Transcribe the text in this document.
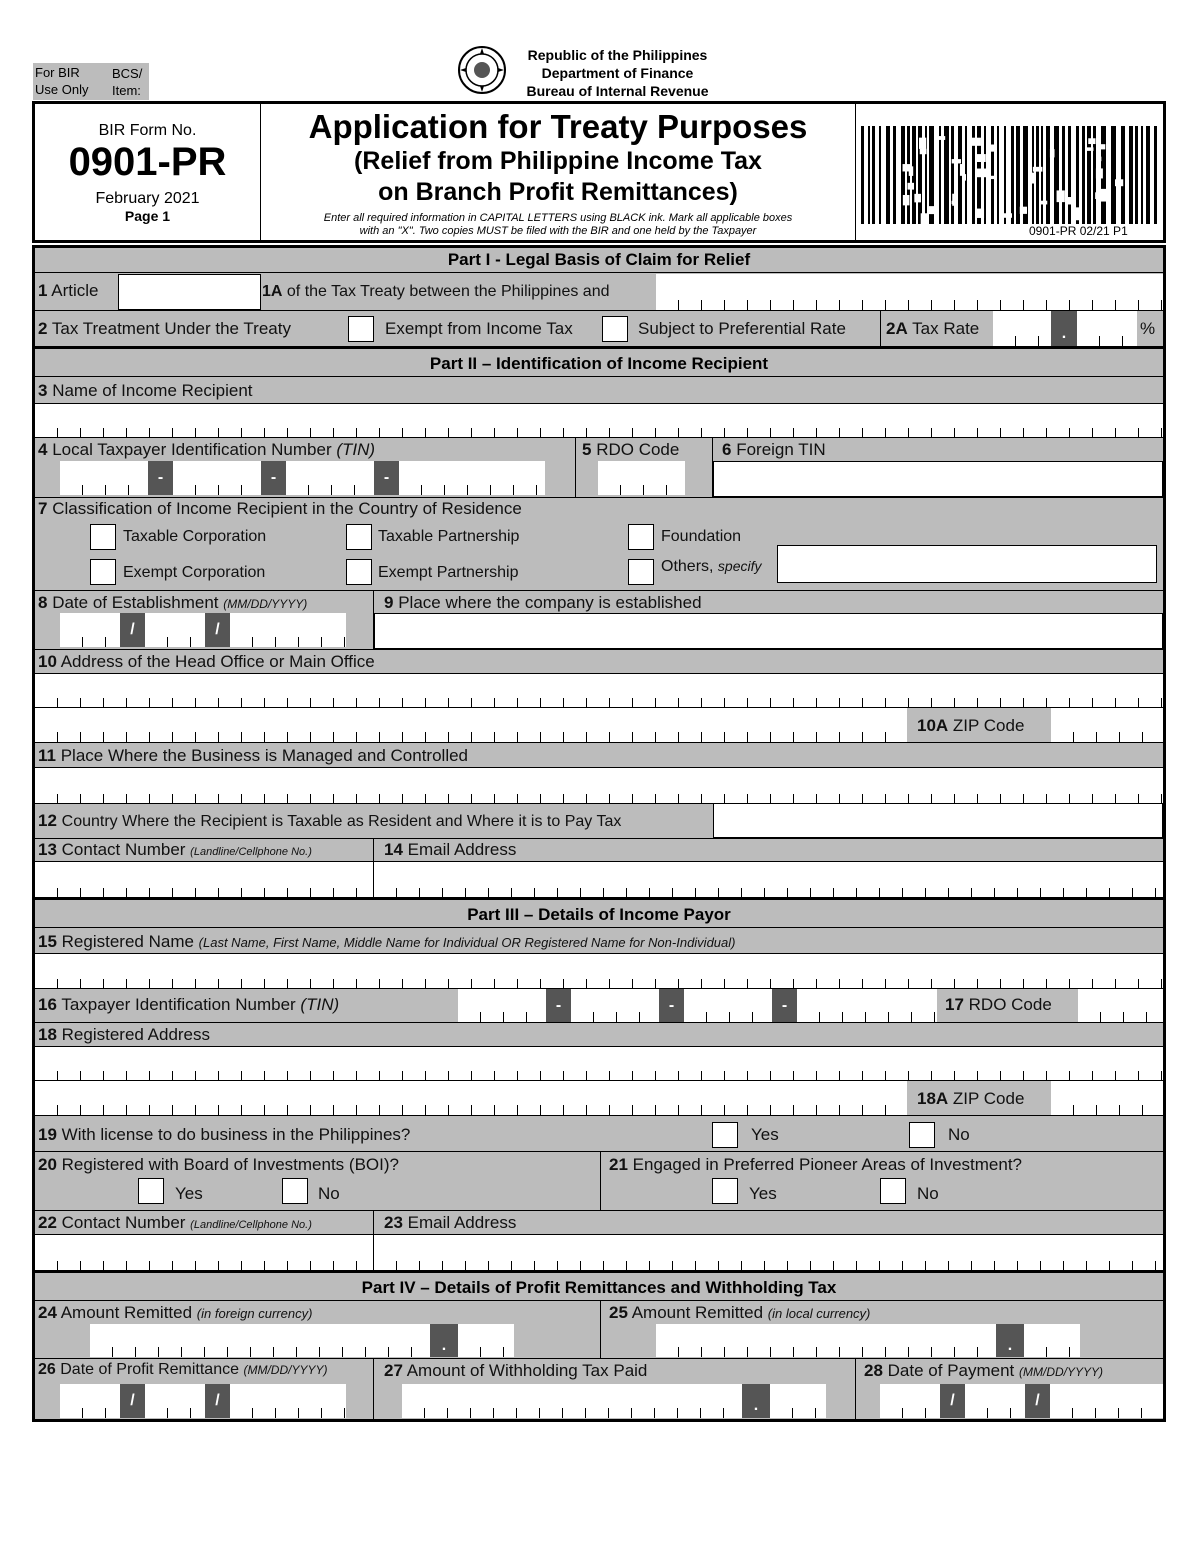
For BIR
Use Only
BCS/
Item:
Republic of the Philippines
Department of Finance
Bureau of Internal Revenue
BIR Form No.
0901-PR
February 2021
Page 1
Application for Treaty Purposes
(Relief from Philippine Income Tax
on Branch Profit Remittances)
Enter all required information in CAPITAL LETTERS using BLACK ink. Mark all applicable boxes
with an "X". Two copies MUST be filed with the BIR and one held by the Taxpayer	0901-PR 02/21 P1
Part I - Legal Basis of Claim for Relief
1 Article	1A of the Tax Treaty between the Philippines and
2 Tax Treatment Under the Treaty	Exempt from Income Tax	Subject to Preferential Rate 2A Tax Rate	.	%
Part II – Identification of Income Recipient
3 Name of Income Recipient
4 Local Taxpayer Identification Number (TIN)
-	-	-
5 RDO Code	6 Foreign TIN
7 Classification of Income Recipient in the Country of Residence
Taxable Corporation	Taxable Partnership	Foundation
Exempt Corporation	Exempt Partnership	Others, specify
8 Date of Establishment (MM/DD/YYYY)
/	/
9 Place where the company is established
10 Address of the Head Office or Main Office
10A ZIP Code
11 Place Where the Business is Managed and Controlled
12 Country Where the Recipient is Taxable as Resident and Where it is to Pay Tax
13 Contact Number (Landline/Cellphone No.)	14 Email Address
Part III – Details of Income Payor
15 Registered Name (Last Name, First Name, Middle Name for Individual OR Registered Name for Non-Individual)
16 Taxpayer Identification Number (TIN)	-	-	-	17 RDO Code
18 Registered Address
18A ZIP Code
19 With license to do business in the Philippines?	Yes	No
20 Registered with Board of Investments (BOI)?
Yes	No
21 Engaged in Preferred Pioneer Areas of Investment?
Yes	No
22 Contact Number (Landline/Cellphone No.)	23 Email Address
Part IV – Details of Profit Remittances and Withholding Tax
24 Amount Remitted (in foreign currency)
.
25 Amount Remitted (in local currency)
.
26 Date of Profit Remittance (MM/DD/YYYY)
/	/
27 Amount of Withholding Tax Paid
.
28 Date of Payment (MM/DD/YYYY)
/	/
